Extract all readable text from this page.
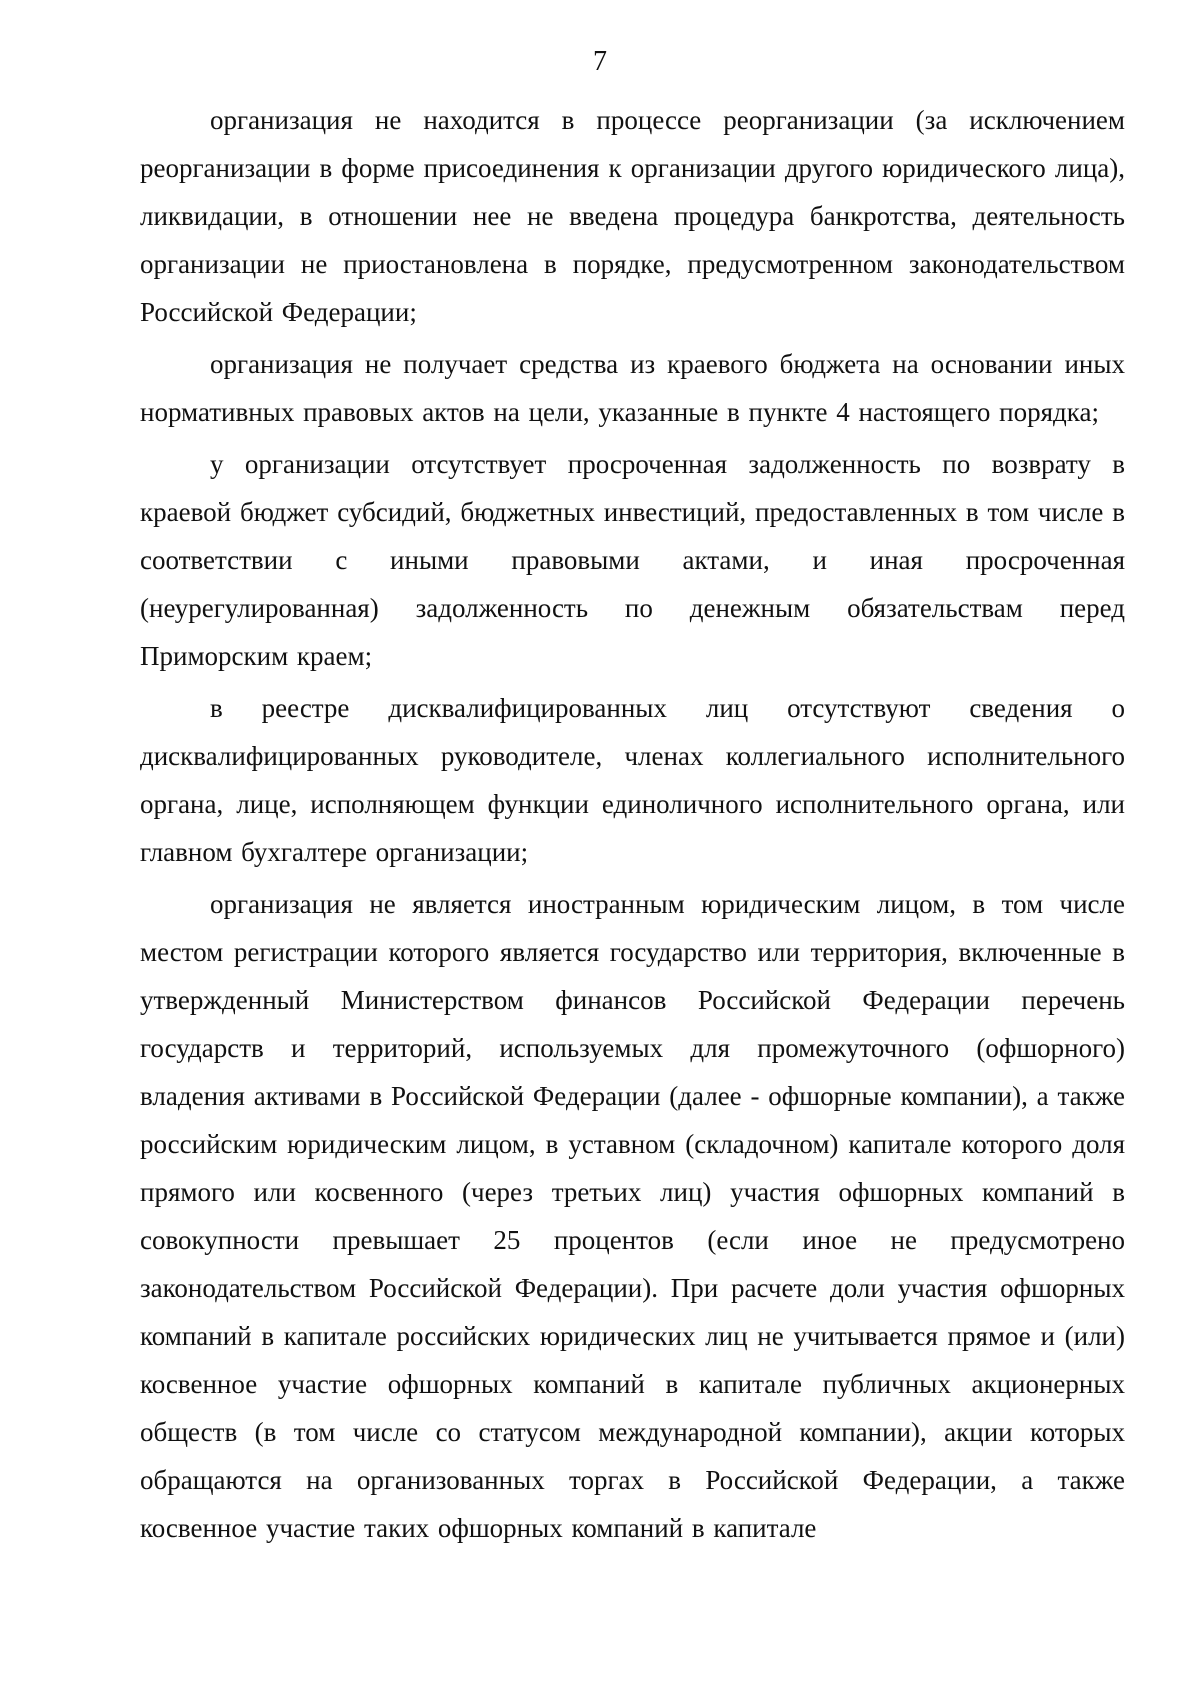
7

организация не находится в процессе реорганизации (за исключением реорганизации в форме присоединения к организации другого юридического лица), ликвидации, в отношении нее не введена процедура банкротства, деятельность организации не приостановлена в порядке, предусмотренном законодательством Российской Федерации;

организация не получает средства из краевого бюджета на основании иных нормативных правовых актов на цели, указанные в пункте 4 настоящего порядка;

у организации отсутствует просроченная задолженность по возврату в краевой бюджет субсидий, бюджетных инвестиций, предоставленных в том числе в соответствии с иными правовыми актами, и иная просроченная (неурегулированная) задолженность по денежным обязательствам перед Приморским краем;

в реестре дисквалифицированных лиц отсутствуют сведения о дисквалифицированных руководителе, членах коллегиального исполнительного органа, лице, исполняющем функции единоличного исполнительного органа, или главном бухгалтере организации;

организация не является иностранным юридическим лицом, в том числе местом регистрации которого является государство или территория, включенные в утвержденный Министерством финансов Российской Федерации перечень государств и территорий, используемых для промежуточного (офшорного) владения активами в Российской Федерации (далее - офшорные компании), а также российским юридическим лицом, в уставном (складочном) капитале которого доля прямого или косвенного (через третьих лиц) участия офшорных компаний в совокупности превышает 25 процентов (если иное не предусмотрено законодательством Российской Федерации). При расчете доли участия офшорных компаний в капитале российских юридических лиц не учитывается прямое и (или) косвенное участие офшорных компаний в капитале публичных акционерных обществ (в том числе со статусом международной компании), акции которых обращаются на организованных торгах в Российской Федерации, а также косвенное участие таких офшорных компаний в капитале
